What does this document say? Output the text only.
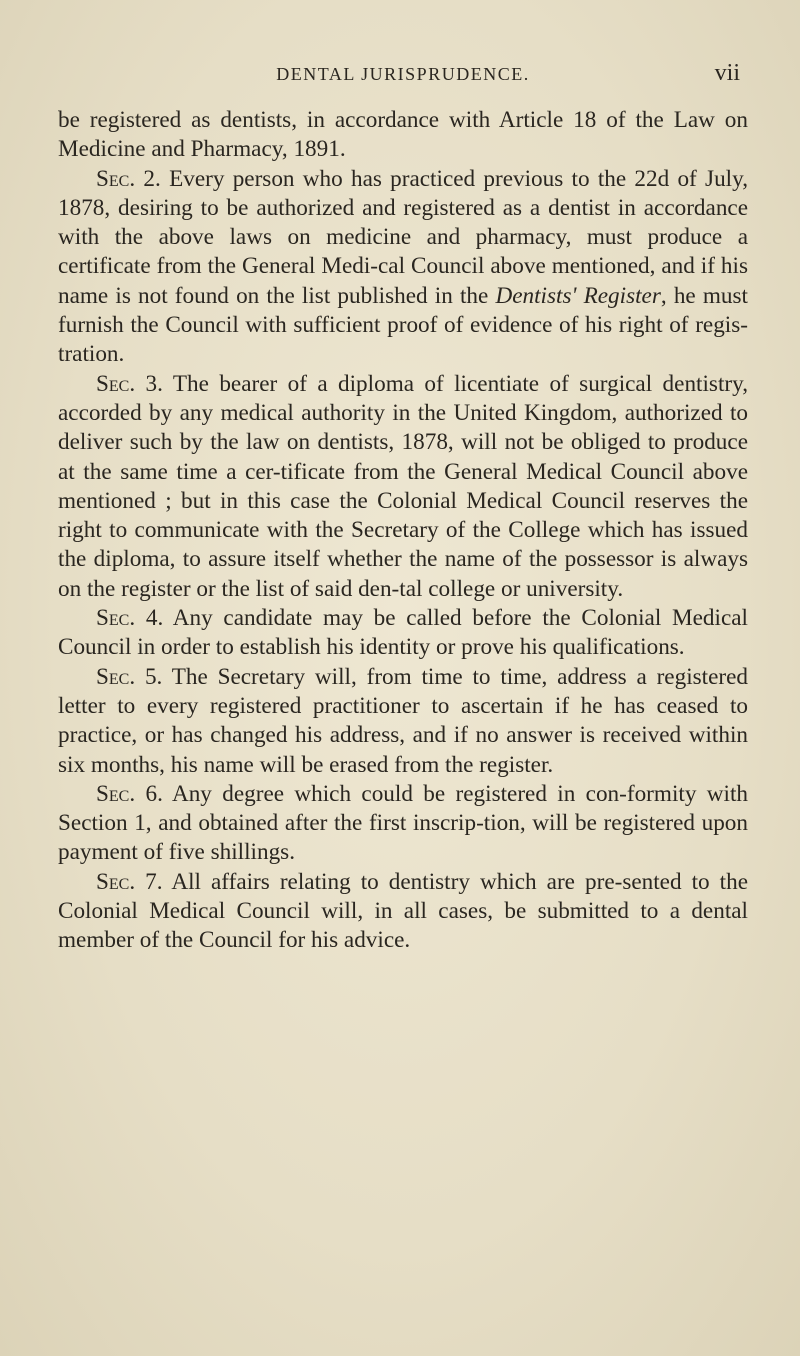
DENTAL JURISPRUDENCE.	vii

be registered as dentists, in accordance with Article 18 of the Law on Medicine and Pharmacy, 1891.

Sec. 2. Every person who has practiced previous to the 22d of July, 1878, desiring to be authorized and registered as a dentist in accordance with the above laws on medicine and pharmacy, must produce a certificate from the General Medi-cal Council above mentioned, and if his name is not found on the list published in the Dentists' Register, he must furnish the Council with sufficient proof of evidence of his right of regis-tration.

Sec. 3. The bearer of a diploma of licentiate of surgical dentistry, accorded by any medical authority in the United Kingdom, authorized to deliver such by the law on dentists, 1878, will not be obliged to produce at the same time a cer-tificate from the General Medical Council above mentioned ; but in this case the Colonial Medical Council reserves the right to communicate with the Secretary of the College which has issued the diploma, to assure itself whether the name of the possessor is always on the register or the list of said den-tal college or university.

Sec. 4. Any candidate may be called before the Colonial Medical Council in order to establish his identity or prove his qualifications.

Sec. 5. The Secretary will, from time to time, address a registered letter to every registered practitioner to ascertain if he has ceased to practice, or has changed his address, and if no answer is received within six months, his name will be erased from the register.

Sec. 6. Any degree which could be registered in con-formity with Section 1, and obtained after the first inscrip-tion, will be registered upon payment of five shillings.

Sec. 7. All affairs relating to dentistry which are pre-sented to the Colonial Medical Council will, in all cases, be submitted to a dental member of the Council for his advice.
